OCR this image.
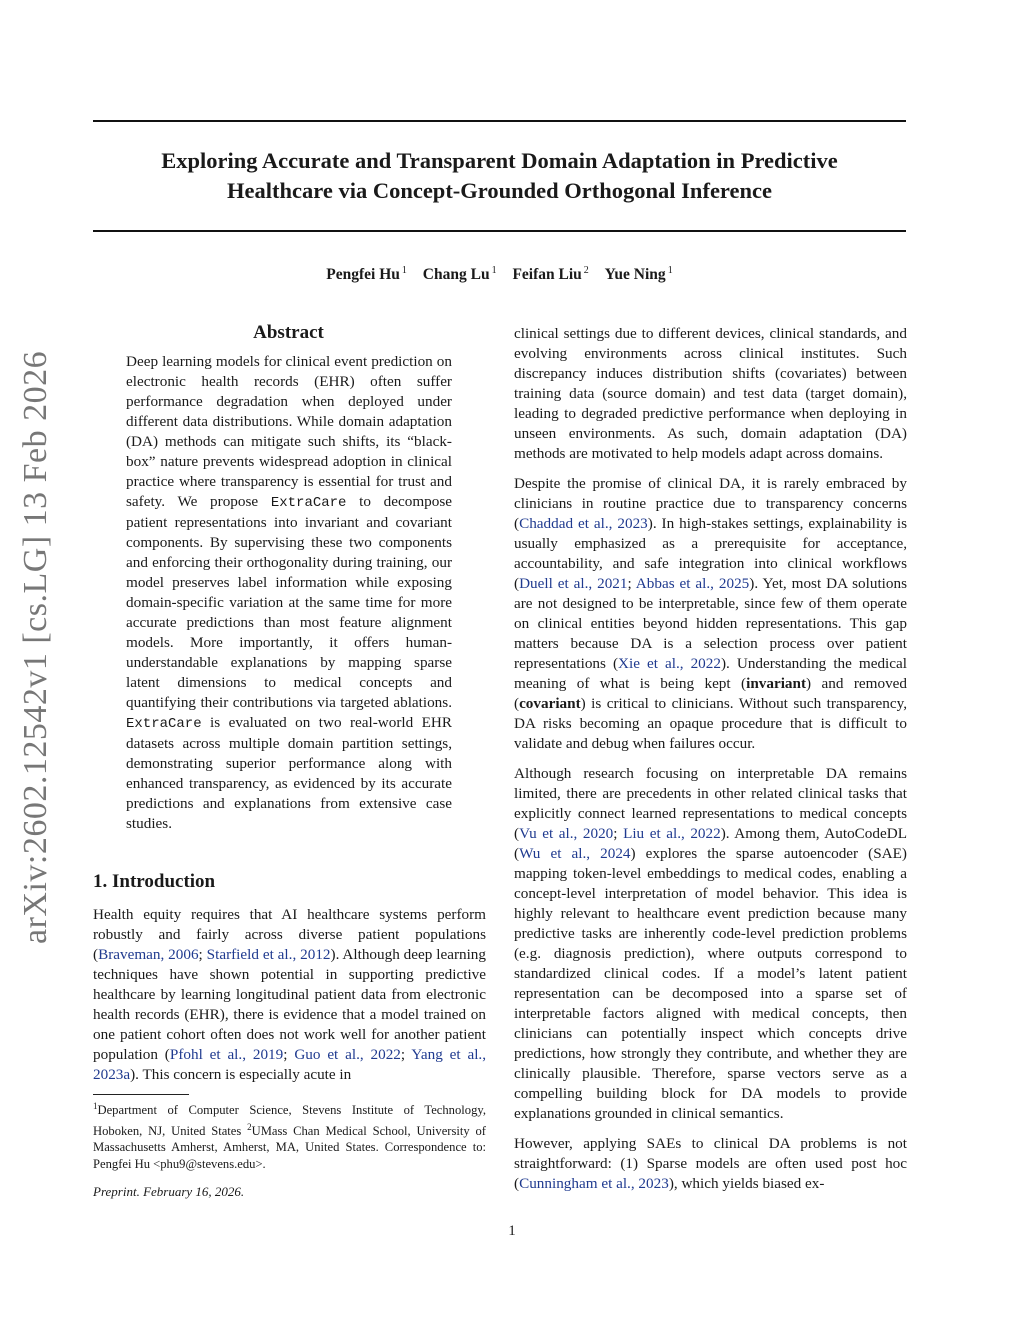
arXiv:2602.12542v1 [cs.LG] 13 Feb 2026
Exploring Accurate and Transparent Domain Adaptation in Predictive
Healthcare via Concept-Grounded Orthogonal Inference
Pengfei Hu $^1$ Chang Lu $^1$ Feifan Liu $^2$ Yue Ning $^1$
Abstract

Deep learning models for clinical event prediction on electronic health records (EHR) often suffer performance degradation when deployed under different data distributions. While domain adaptation (DA) methods can mitigate such shifts, its “black-box” nature prevents widespread adoption in clinical practice where transparency is essential for trust and safety. We propose ExtraCare to decompose patient representations into invariant and covariant components. By supervising these two components and enforcing their orthogonality during training, our model preserves label information while exposing domain-specific variation at the same time for more accurate predictions than most feature alignment models. More importantly, it offers human-understandable explanations by mapping sparse latent dimensions to medical concepts and quantifying their contributions via targeted ablations. ExtraCare is evaluated on two real-world EHR datasets across multiple domain partition settings, demonstrating superior performance along with enhanced transparency, as evidenced by its accurate predictions and explanations from extensive case studies.

1. Introduction

Health equity requires that AI healthcare systems perform robustly and fairly across diverse patient populations (Braveman, 2006; Starfield et al., 2012). Although deep learning techniques have shown potential in supporting predictive healthcare by learning longitudinal patient data from electronic health records (EHR), there is evidence that a model trained on one patient cohort often does not work well for another patient population (Pfohl et al., 2019; Guo et al., 2022; Yang et al., 2023a). This concern is especially acute in

$^1$Department of Computer Science, Stevens Institute of Technology, Hoboken, NJ, United States $^2$UMass Chan Medical School, University of Massachusetts Amherst, Amherst, MA, United States. Correspondence to: Pengfei Hu <phu9@stevens.edu>.
Preprint. February 16, 2026.

clinical settings due to different devices, clinical standards, and evolving environments across clinical institutes. Such discrepancy induces distribution shifts (covariates) between training data (source domain) and test data (target domain), leading to degraded predictive performance when deploying in unseen environments. As such, domain adaptation (DA) methods are motivated to help models adapt across domains.

Despite the promise of clinical DA, it is rarely embraced by clinicians in routine practice due to transparency concerns (Chaddad et al., 2023). In high-stakes settings, explainability is usually emphasized as a prerequisite for acceptance, accountability, and safe integration into clinical workflows (Duell et al., 2021; Abbas et al., 2025). Yet, most DA solutions are not designed to be interpretable, since few of them operate on clinical entities beyond hidden representations. This gap matters because DA is a selection process over patient representations (Xie et al., 2022). Understanding the medical meaning of what is being kept (invariant) and removed (covariant) is critical to clinicians. Without such transparency, DA risks becoming an opaque procedure that is difficult to validate and debug when failures occur.

Although research focusing on interpretable DA remains limited, there are precedents in other related clinical tasks that explicitly connect learned representations to medical concepts (Vu et al., 2020; Liu et al., 2022). Among them, AutoCodeDL (Wu et al., 2024) explores the sparse autoencoder (SAE) mapping token-level embeddings to medical codes, enabling a concept-level interpretation of model behavior. This idea is highly relevant to healthcare event prediction because many predictive tasks are inherently code-level prediction problems (e.g. diagnosis prediction), where outputs correspond to standardized clinical codes. If a model’s latent patient representation can be decomposed into a sparse set of interpretable factors aligned with medical concepts, then clinicians can potentially inspect which concepts drive predictions, how strongly they contribute, and whether they are clinically plausible. Therefore, sparse vectors serve as a compelling building block for DA models to provide explanations grounded in clinical semantics.

However, applying SAEs to clinical DA problems is not straightforward: (1) Sparse models are often used post hoc (Cunningham et al., 2023), which yields biased ex-

1
